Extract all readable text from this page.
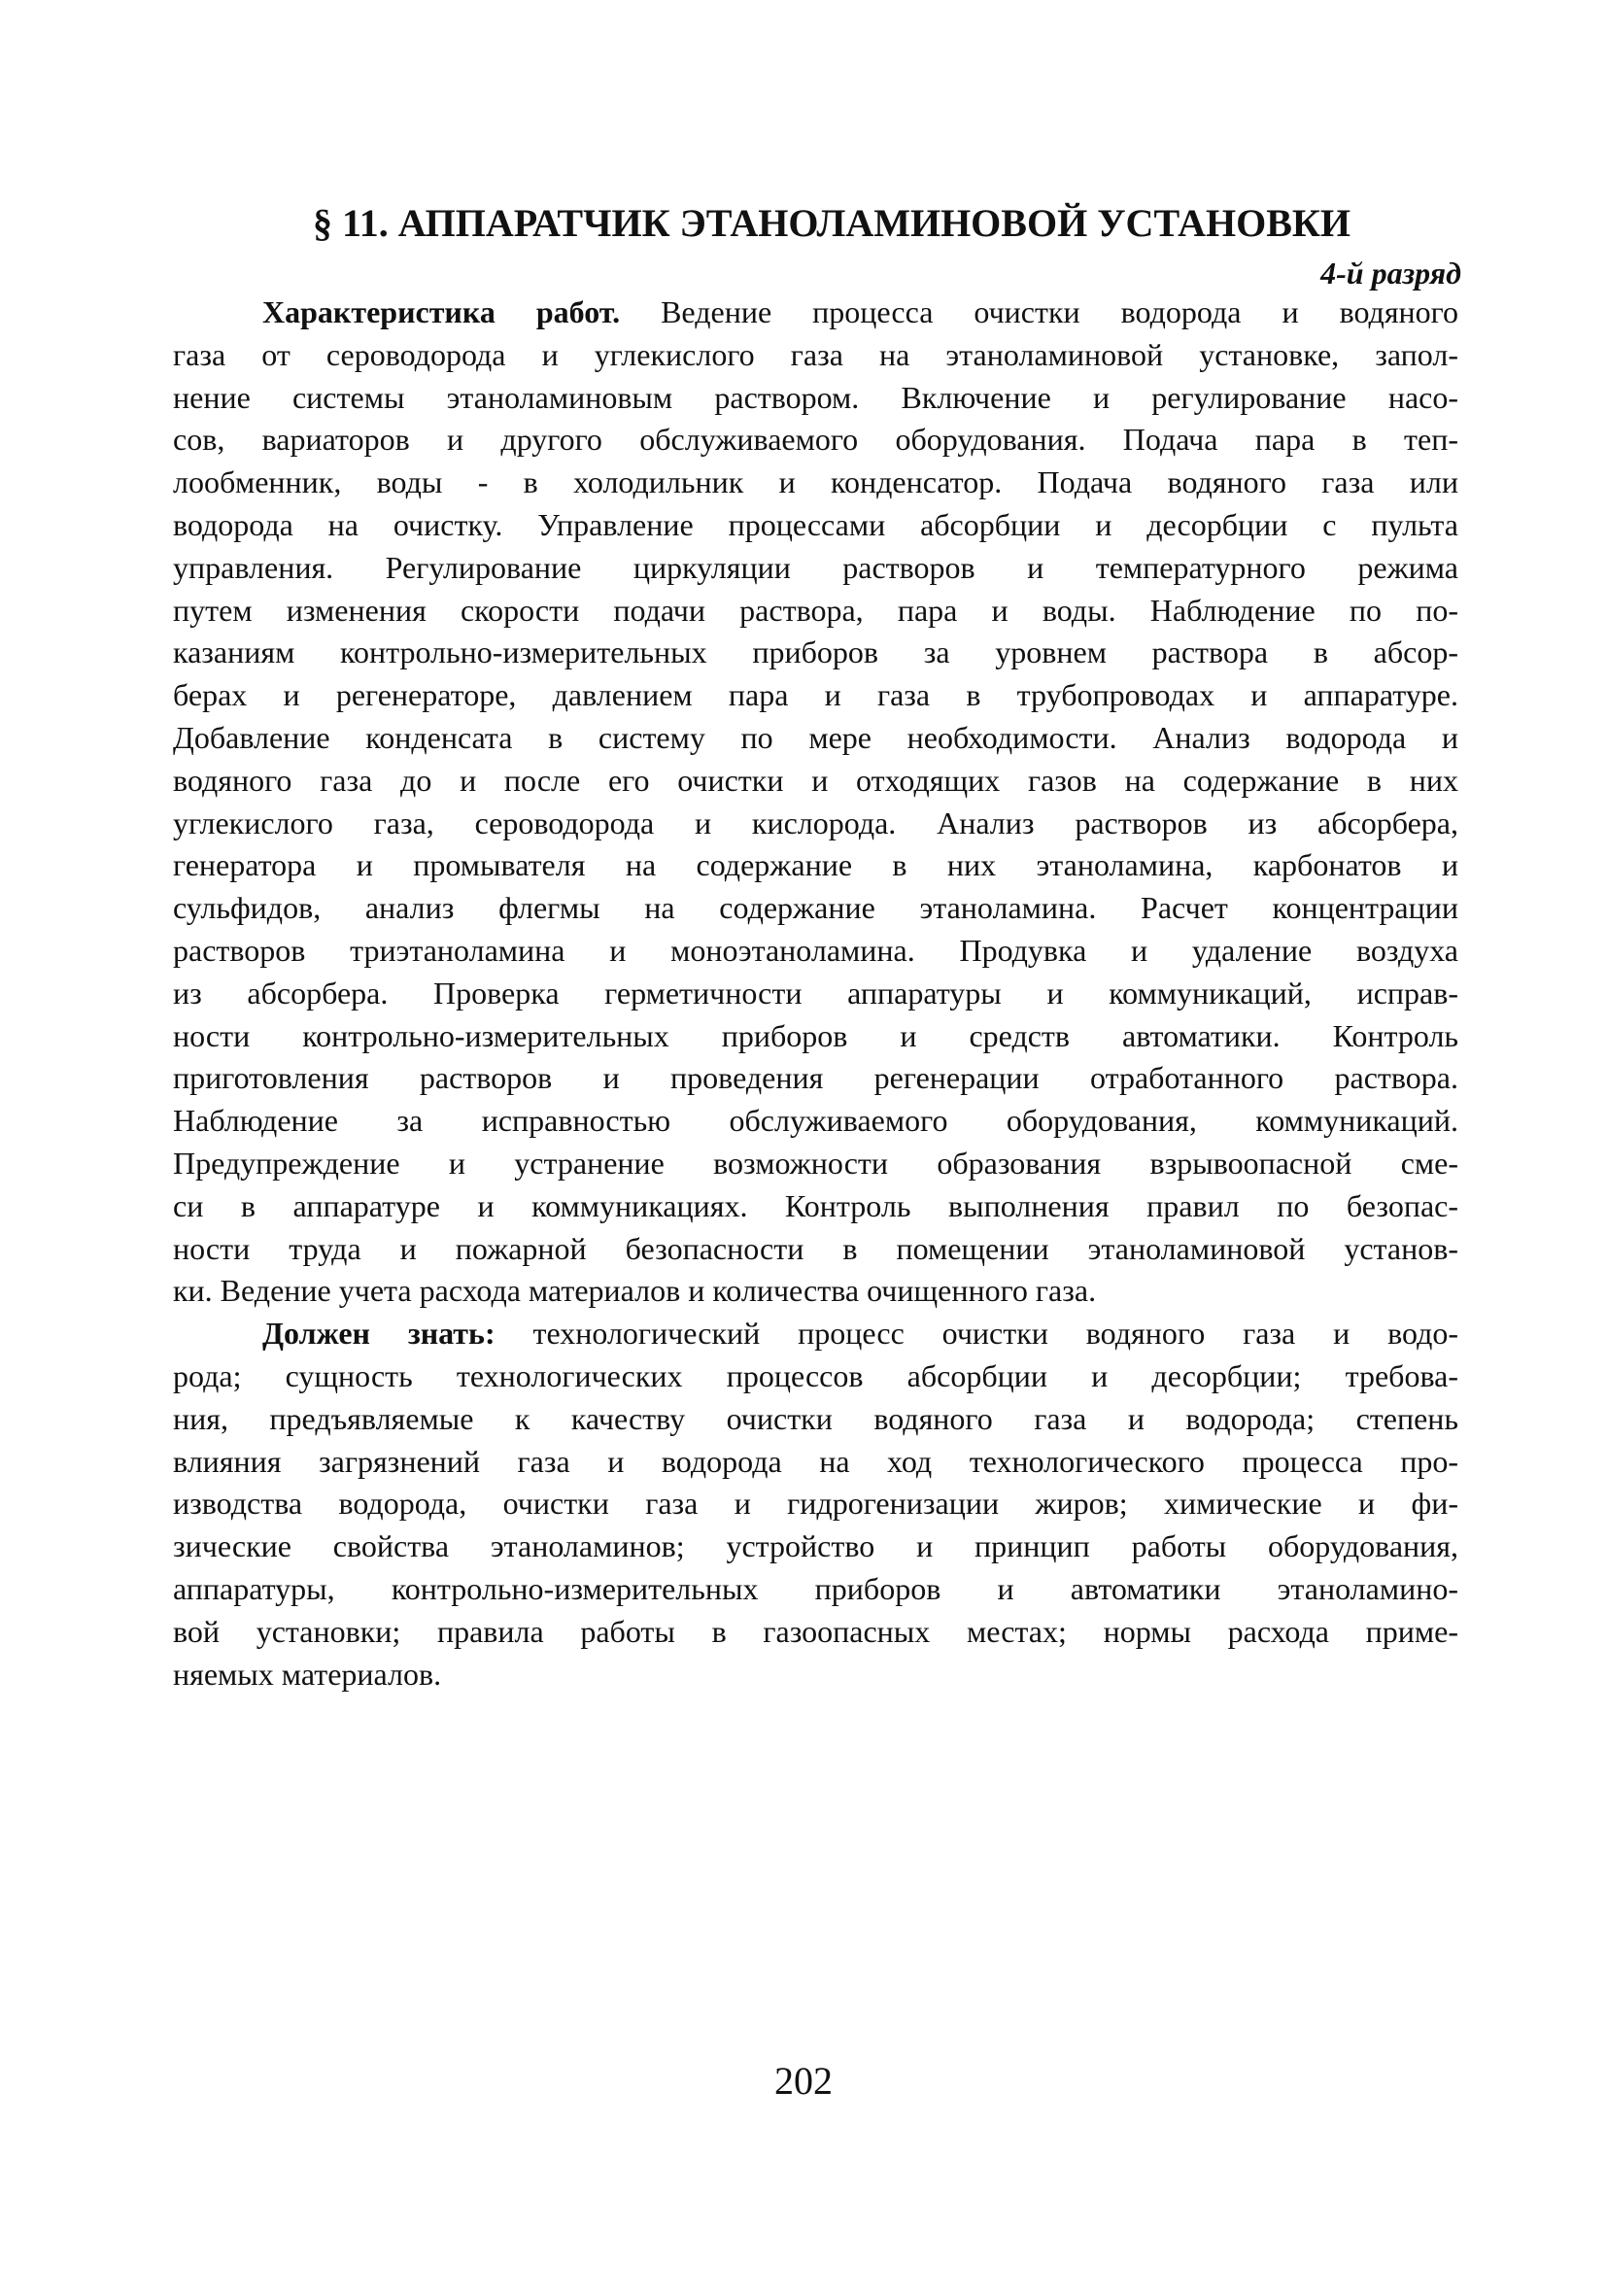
§ 11. АППАРАТЧИК ЭТАНОЛАМИНОВОЙ УСТАНОВКИ
4-й разряд
Характеристика работ. Ведение процесса очистки водорода и водяного
газа от сероводорода и углекислого газа на этаноламиновой установке, запол-
нение системы этаноламиновым раствором. Включение и регулирование насо-
сов, вариаторов и другого обслуживаемого оборудования. Подача пара в теп-
лообменник, воды - в холодильник и конденсатор. Подача водяного газа или
водорода на очистку. Управление процессами абсорбции и десорбции с пульта
управления. Регулирование циркуляции растворов и температурного режима
путем изменения скорости подачи раствора, пара и воды. Наблюдение по по-
казаниям контрольно-измерительных приборов за уровнем раствора в абсор-
берах и регенераторе, давлением пара и газа в трубопроводах и аппаратуре.
Добавление конденсата в систему по мере необходимости. Анализ водорода и
водяного газа до и после его очистки и отходящих газов на содержание в них
углекислого газа, сероводорода и кислорода. Анализ растворов из абсорбера,
генератора и промывателя на содержание в них этаноламина, карбонатов и
сульфидов, анализ флегмы на содержание этаноламина. Расчет концентрации
растворов триэтаноламина и моноэтаноламина. Продувка и удаление воздуха
из абсорбера. Проверка герметичности аппаратуры и коммуникаций, исправ-
ности контрольно-измерительных приборов и средств автоматики. Контроль
приготовления растворов и проведения регенерации отработанного раствора.
Наблюдение за исправностью обслуживаемого оборудования, коммуникаций.
Предупреждение и устранение возможности образования взрывоопасной сме-
си в аппаратуре и коммуникациях. Контроль выполнения правил по безопас-
ности труда и пожарной безопасности в помещении этаноламиновой установ-
ки. Ведение учета расхода материалов и количества очищенного газа.
Должен знать: технологический процесс очистки водяного газа и водо-
рода; сущность технологических процессов абсорбции и десорбции; требова-
ния, предъявляемые к качеству очистки водяного газа и водорода; степень
влияния загрязнений газа и водорода на ход технологического процесса про-
изводства водорода, очистки газа и гидрогенизации жиров; химические и фи-
зические свойства этаноламинов; устройство и принцип работы оборудования,
аппаратуры, контрольно-измерительных приборов и автоматики этаноламино-
вой установки; правила работы в газоопасных местах; нормы расхода приме-
няемых материалов.
202
